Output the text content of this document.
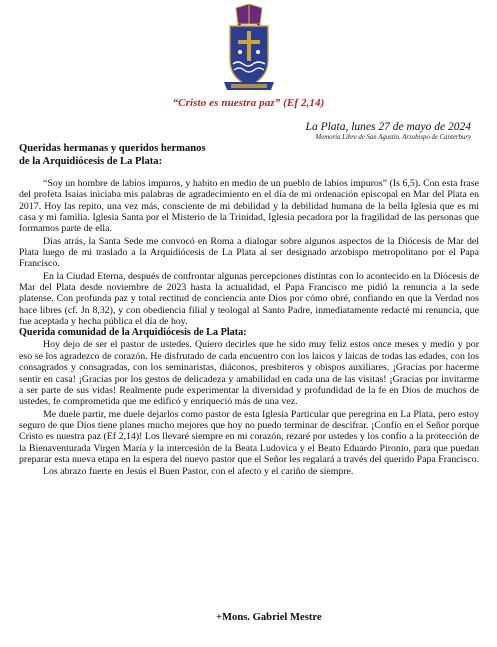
“Cristo es nuestra paz” (Ef 2,14)
La Plata, lunes 27 de mayo de 2024
Memoria Libre de San Agustín, Arzobispo de Canterbury
Queridas hermanas y queridos hermanos
de la Arquidiócesis de La Plata:

“Soy un hombre de labios impuros, y habito en medio de un pueblo de labios impuros” (Is 6,5). Con esta frase del profeta Isaías iniciaba mis palabras de agradecimiento en el día de mi ordenación episcopal en Mar del Plata en 2017. Hoy las repito, una vez más, consciente de mi debilidad y la debilidad humana de la bella Iglesia que es mi casa y mi familia. Iglesia Santa por el Misterio de la Trinidad, Iglesia pecadora por la fragilidad de las personas que formamos parte de ella.

Días atrás, la Santa Sede me convocó en Roma a dialogar sobre algunos aspectos de la Diócesis de Mar del Plata luego de mi traslado a la Arquidiócesis de La Plata al ser designado arzobispo metropolitano por el Papa Francisco.

En la Ciudad Eterna, después de confrontar algunas percepciones distintas con lo acontecido en la Diócesis de Mar del Plata desde noviembre de 2023 hasta la actualidad, el Papa Francisco me pidió la renuncia a la sede platense. Con profunda paz y total rectitud de conciencia ante Dios por cómo obré, confiando en que la Verdad nos hace libres (cf. Jn 8,32), y con obediencia filial y teologal al Santo Padre, inmediatamente redacté mi renuncia, que fue aceptada y hecha pública el día de hoy.

Querida comunidad de la Arquidiócesis de La Plata:

Hoy dejo de ser el pastor de ustedes. Quiero decirles que he sido muy feliz estos once meses y medio y por eso se los agradezco de corazón. He disfrutado de cada encuentro con los laicos y laicas de todas las edades, con los consagrados y consagradas, con los seminaristas, diáconos, presbiteros y obispos auxiliares. ¡Gracias por hacerme sentir en casa! ¡Gracias por los gestos de delicadeza y amabilidad en cada una de las visitas! ¡Gracias por invitarme a ser parte de sus vidas! Realmente pude experimentar la diversidad y profundidad de la fe en Dios de muchos de ustedes, fe comprometida que me edificó y enriqueció más de una vez.

Me duele partir, me duele dejarlos como pastor de esta Iglesia Particular que peregrina en La Plata, pero estoy seguro de que Dios tiene planes mucho mejores que hoy no puedo terminar de descifrar. ¡Confío en el Señor porque Cristo es nuestra paz (Ef 2,14)! Los llevaré siempre en mi corazón, rezaré por ustedes y los confío a la protección de la Bienaventurada Virgen María y la intercesión de la Beata Ludovica y el Beato Eduardo Pironio, para que puedan preparar esta nueva etapa en la espera del nuevo pastor que el Señor les regalará a través del querido Papa Francisco.

Los abrazo fuerte en Jesús el Buen Pastor, con el afecto y el cariño de siempre.

+Mons. Gabriel Mestre
